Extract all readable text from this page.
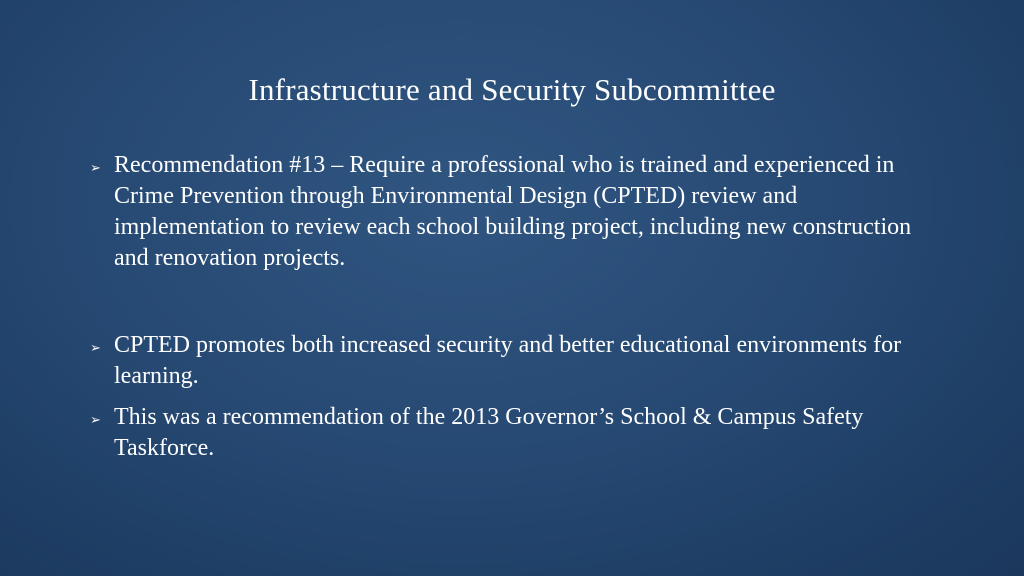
Infrastructure and Security Subcommittee
➢ Recommendation #13 – Require a professional who is trained and experienced in Crime Prevention through Environmental Design (CPTED) review and implementation to review each school building project, including new construction and renovation projects.
➢ CPTED promotes both increased security and better educational environments for learning.
➢ This was a recommendation of the 2013 Governor’s School & Campus Safety Taskforce.
